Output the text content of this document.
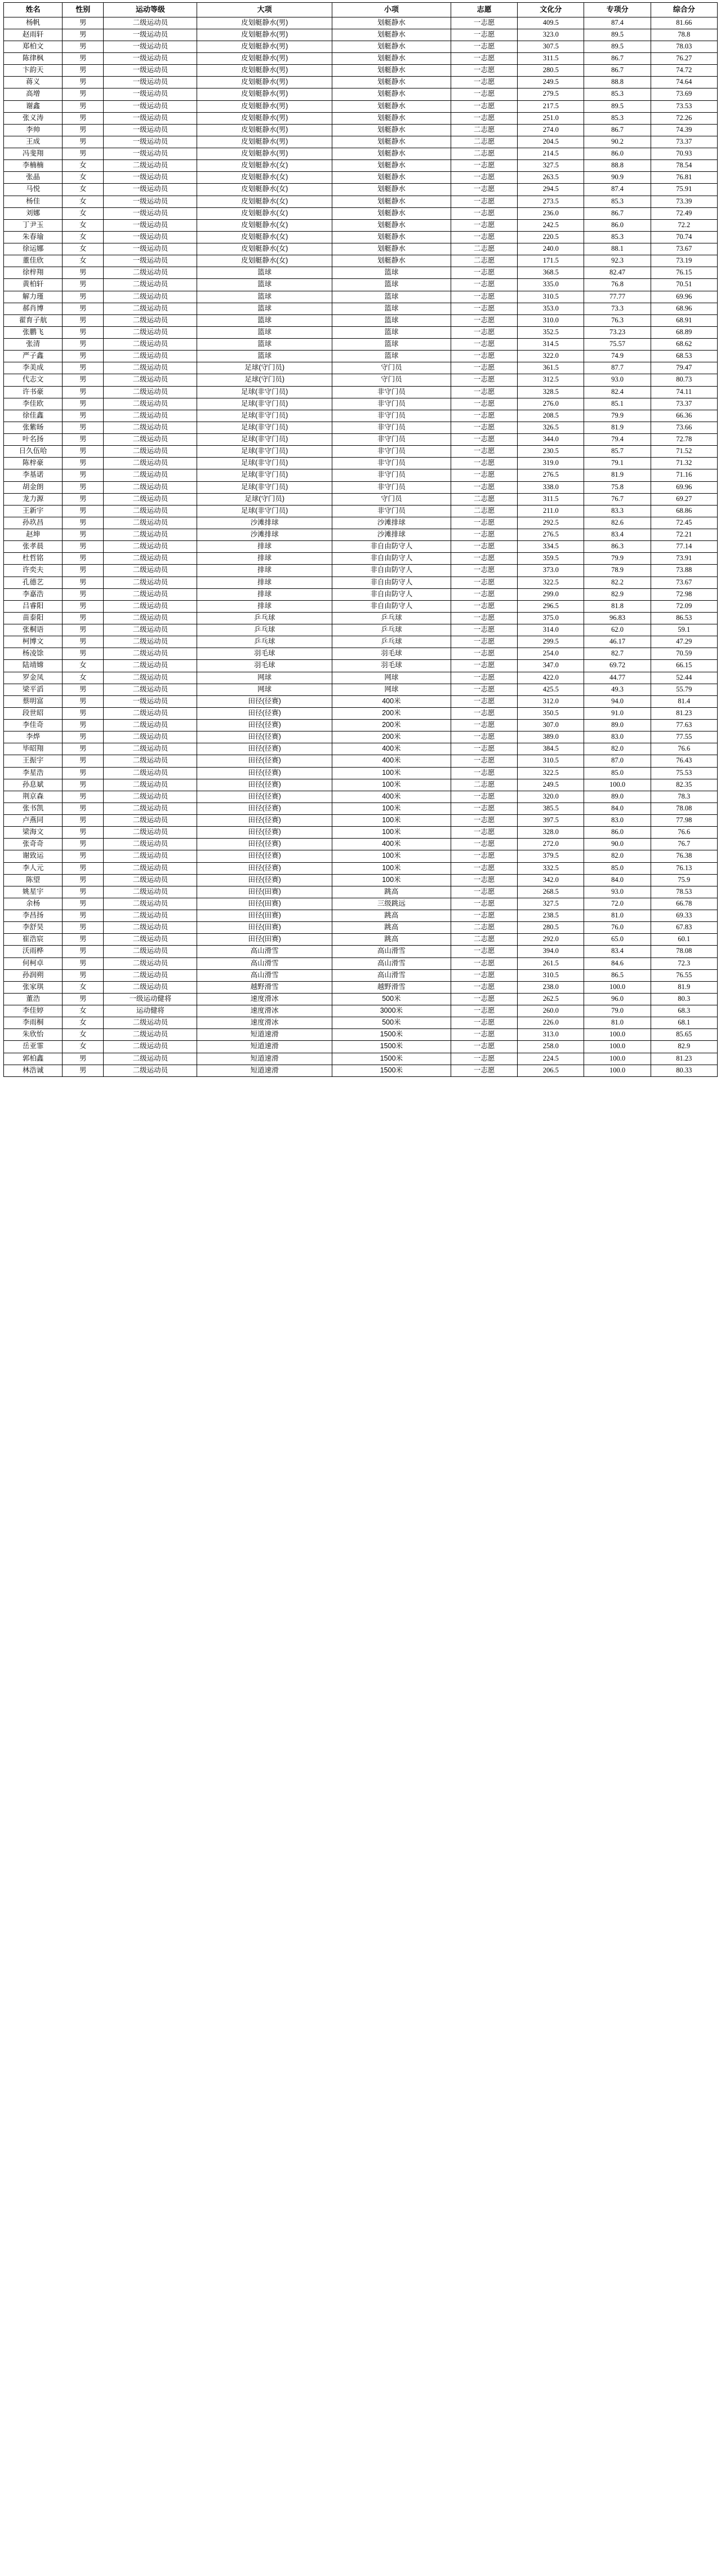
姓名	性别	运动等级	大项	小项	志愿	文化分	专项分	综合分
杨帆	男	二级运动员	皮划艇静水(男)	划艇静水	一志愿	409.5	87.4	81.66
赵雨轩	男	一级运动员	皮划艇静水(男)	划艇静水	一志愿	323.0	89.5	78.8
郑柏文	男	一级运动员	皮划艇静水(男)	划艇静水	一志愿	307.5	89.5	78.03
陈律枫	男	一级运动员	皮划艇静水(男)	划艇静水	一志愿	311.5	86.7	76.27
卞韵天	男	一级运动员	皮划艇静水(男)	划艇静水	一志愿	280.5	86.7	74.72
蒋义	男	一级运动员	皮划艇静水(男)	划艇静水	一志愿	249.5	88.8	74.64
高增	男	一级运动员	皮划艇静水(男)	划艇静水	一志愿	279.5	85.3	73.69
谢鑫	男	一级运动员	皮划艇静水(男)	划艇静水	一志愿	217.5	89.5	73.53
张义涛	男	一级运动员	皮划艇静水(男)	划艇静水	一志愿	251.0	85.3	72.26
李帅	男	一级运动员	皮划艇静水(男)	划艇静水	二志愿	274.0	86.7	74.39
王成	男	一级运动员	皮划艇静水(男)	划艇静水	二志愿	204.5	90.2	73.37
冯斐翔	男	一级运动员	皮划艇静水(男)	划艇静水	二志愿	214.5	86.0	70.93
李楠楠	女	二级运动员	皮划艇静水(女)	划艇静水	一志愿	327.5	88.8	78.54
张晶	女	一级运动员	皮划艇静水(女)	划艇静水	一志愿	263.5	90.9	76.81
马悦	女	一级运动员	皮划艇静水(女)	划艇静水	一志愿	294.5	87.4	75.91
杨佳	女	一级运动员	皮划艇静水(女)	划艇静水	一志愿	273.5	85.3	73.39
刘娜	女	一级运动员	皮划艇静水(女)	划艇静水	一志愿	236.0	86.7	72.49
丁尹玉	女	一级运动员	皮划艇静水(女)	划艇静水	一志愿	242.5	86.0	72.2
朱春瑜	女	一级运动员	皮划艇静水(女)	划艇静水	一志愿	220.5	85.3	70.74
徐运娜	女	一级运动员	皮划艇静水(女)	划艇静水	二志愿	240.0	88.1	73.67
董佳欣	女	一级运动员	皮划艇静水(女)	划艇静水	二志愿	171.5	92.3	73.19
徐梓翔	男	二级运动员	篮球	篮球	一志愿	368.5	82.47	76.15
黄柏轩	男	二级运动员	篮球	篮球	一志愿	335.0	76.8	70.51
解力瑾	男	二级运动员	篮球	篮球	一志愿	310.5	77.77	69.96
郝肖博	男	二级运动员	篮球	篮球	一志愿	353.0	73.3	68.96
翟育子航	男	二级运动员	篮球	篮球	一志愿	310.0	76.3	68.91
张鹏飞	男	二级运动员	篮球	篮球	一志愿	352.5	73.23	68.89
张清	男	二级运动员	篮球	篮球	一志愿	314.5	75.57	68.62
严子鑫	男	二级运动员	篮球	篮球	一志愿	322.0	74.9	68.53
李美成	男	二级运动员	足球(守门员)	守门员	一志愿	361.5	87.7	79.47
代志文	男	二级运动员	足球(守门员)	守门员	一志愿	312.5	93.0	80.73
许书豪	男	二级运动员	足球(非守门员)	非守门员	一志愿	328.5	82.4	74.11
李佳欧	男	二级运动员	足球(非守门员)	非守门员	一志愿	276.0	85.1	73.37
徐佳鑫	男	二级运动员	足球(非守门员)	非守门员	一志愿	208.5	79.9	66.36
张紫旸	男	二级运动员	足球(非守门员)	非守门员	一志愿	326.5	81.9	73.66
叶名扬	男	二级运动员	足球(非守门员)	非守门员	一志愿	344.0	79.4	72.78
日久伍哈	男	二级运动员	足球(非守门员)	非守门员	一志愿	230.5	85.7	71.52
陈梓豪	男	二级运动员	足球(非守门员)	非守门员	一志愿	319.0	79.1	71.32
李基诺	男	二级运动员	足球(非守门员)	非守门员	一志愿	276.5	81.9	71.16
胡金朗	男	二级运动员	足球(非守门员)	非守门员	一志愿	338.0	75.8	69.96
龙力源	男	二级运动员	足球(守门员)	守门员	二志愿	311.5	76.7	69.27
王新宇	男	二级运动员	足球(非守门员)	非守门员	二志愿	211.0	83.3	68.86
孙玖昌	男	二级运动员	沙滩排球	沙滩排球	一志愿	292.5	82.6	72.45
赵坤	男	二级运动员	沙滩排球	沙滩排球	一志愿	276.5	83.4	72.21
张孝晨	男	二级运动员	排球	非自由防守人	一志愿	334.5	86.3	77.14
杜哲铭	男	二级运动员	排球	非自由防守人	一志愿	359.5	79.9	73.91
许奕夫	男	二级运动员	排球	非自由防守人	一志愿	373.0	78.9	73.88
孔德艺	男	二级运动员	排球	非自由防守人	一志愿	322.5	82.2	73.67
李嘉浩	男	二级运动员	排球	非自由防守人	一志愿	299.0	82.9	72.98
吕睿阳	男	二级运动员	排球	非自由防守人	一志愿	296.5	81.8	72.09
苗泰阳	男	二级运动员	乒乓球	乒乓球	一志愿	375.0	96.83	86.53
张桐语	男	二级运动员	乒乓球	乒乓球	一志愿	314.0	62.0	59.1
柯博文	男	二级运动员	乒乓球	乒乓球	一志愿	299.5	46.17	47.29
杨凌馀	男	二级运动员	羽毛球	羽毛球	一志愿	254.0	82.7	70.59
陆靖嫦	女	二级运动员	羽毛球	羽毛球	一志愿	347.0	69.72	66.15
罗金凤	女	二级运动员	网球	网球	一志愿	422.0	44.77	52.44
梁平滔	男	二级运动员	网球	网球	一志愿	425.5	49.3	55.79
蔡明富	男	一级运动员	田径(径赛)	400米	一志愿	312.0	94.0	81.4
段世昭	男	二级运动员	田径(径赛)	200米	一志愿	350.5	91.0	81.23
李佳奇	男	二级运动员	田径(径赛)	200米	一志愿	307.0	89.0	77.63
李烨	男	二级运动员	田径(径赛)	200米	一志愿	389.0	83.0	77.55
毕昭翔	男	二级运动员	田径(径赛)	400米	一志愿	384.5	82.0	76.6
王振宇	男	二级运动员	田径(径赛)	400米	一志愿	310.5	87.0	76.43
李星浩	男	二级运动员	田径(径赛)	100米	一志愿	322.5	85.0	75.53
孙息斌	男	二级运动员	田径(径赛)	100米	二志愿	249.5	100.0	82.35
荆京森	男	二级运动员	田径(径赛)	400米	一志愿	320.0	89.0	78.3
张书凯	男	二级运动员	田径(径赛)	100米	一志愿	385.5	84.0	78.08
卢燕同	男	二级运动员	田径(径赛)	100米	一志愿	397.5	83.0	77.98
梁海文	男	二级运动员	田径(径赛)	100米	一志愿	328.0	86.0	76.6
张奇奇	男	二级运动员	田径(径赛)	400米	一志愿	272.0	90.0	76.7
谢致运	男	二级运动员	田径(径赛)	100米	一志愿	379.5	82.0	76.38
李人元	男	二级运动员	田径(径赛)	100米	一志愿	332.5	85.0	76.13
陈望	男	二级运动员	田径(径赛)	100米	一志愿	342.0	84.0	75.9
姚星宇	男	二级运动员	田径(田赛)	跳高	一志愿	268.5	93.0	78.53
余杨	男	二级运动员	田径(田赛)	三级跳远	一志愿	327.5	72.0	66.78
李昌扬	男	二级运动员	田径(田赛)	跳高	一志愿	238.5	81.0	69.33
李舒昊	男	二级运动员	田径(田赛)	跳高	二志愿	280.5	76.0	67.83
崔浩宸	男	二级运动员	田径(田赛)	跳高	二志愿	292.0	65.0	60.1
沃雨桦	男	二级运动员	高山滑雪	高山滑雪	一志愿	394.0	83.4	78.08
何柯卓	男	二级运动员	高山滑雪	高山滑雪	一志愿	261.5	84.6	72.3
孙润朔	男	二级运动员	高山滑雪	高山滑雪	一志愿	310.5	86.5	76.55
张家琪	女	二级运动员	越野滑雪	越野滑雪	一志愿	238.0	100.0	81.9
董浩	男	一级运动健将	速度滑冰	500米	一志愿	262.5	96.0	80.3
李佳婷	女	运动健将	速度滑冰	3000米	一志愿	260.0	79.0	68.3
李雨桐	女	二级运动员	速度滑冰	500米	一志愿	226.0	81.0	68.1
朱欣怡	女	二级运动员	短道速滑	1500米	一志愿	313.0	100.0	85.65
岳亚霏	女	二级运动员	短道速滑	1500米	一志愿	258.0	100.0	82.9
郭柏鑫	男	二级运动员	短道速滑	1500米	一志愿	224.5	100.0	81.23
林浩诚	男	二级运动员	短道速滑	1500米	一志愿	206.5	100.0	80.33
